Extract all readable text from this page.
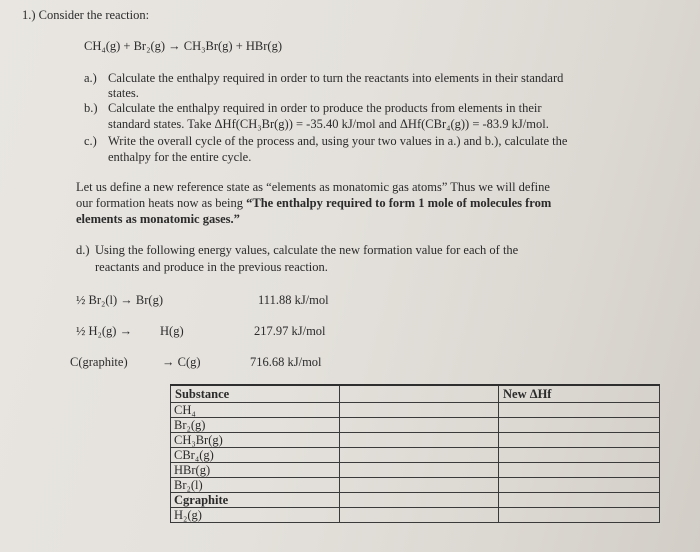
1.) Consider the reaction:
CH₄(g) + Br₂(g) → CH₃Br(g) + HBr(g)
a.) Calculate the enthalpy required in order to turn the reactants into elements in their standard
states.
b.) Calculate the enthalpy required in order to produce the products from elements in their
standard states. Take ΔHf(CH₃Br(g)) = -35.40 kJ/mol and ΔHf(CBr₄(g)) = -83.9 kJ/mol.
c.) Write the overall cycle of the process and, using your two values in a.) and b.), calculate the
enthalpy for the entire cycle.
Let us define a new reference state as “elements as monatomic gas atoms” Thus we will define
our formation heats now as being “The enthalpy required to form 1 mole of molecules from
elements as monatomic gases.”
d.) Using the following energy values, calculate the new formation value for each of the
reactants and produce in the previous reaction.
½ Br₂(l) → Br(g)	111.88 kJ/mol
½ H₂(g) → H(g)	217.97 kJ/mol
C(graphite)	→ C(g)	716.68 kJ/mol
Substance		New ΔHf
CH₄		
Br₂(g)		
CH₃Br(g)		
CBr₄(g)		
HBr(g)		
Br₂(l)		
Cgraphite		
H₂(g)		
